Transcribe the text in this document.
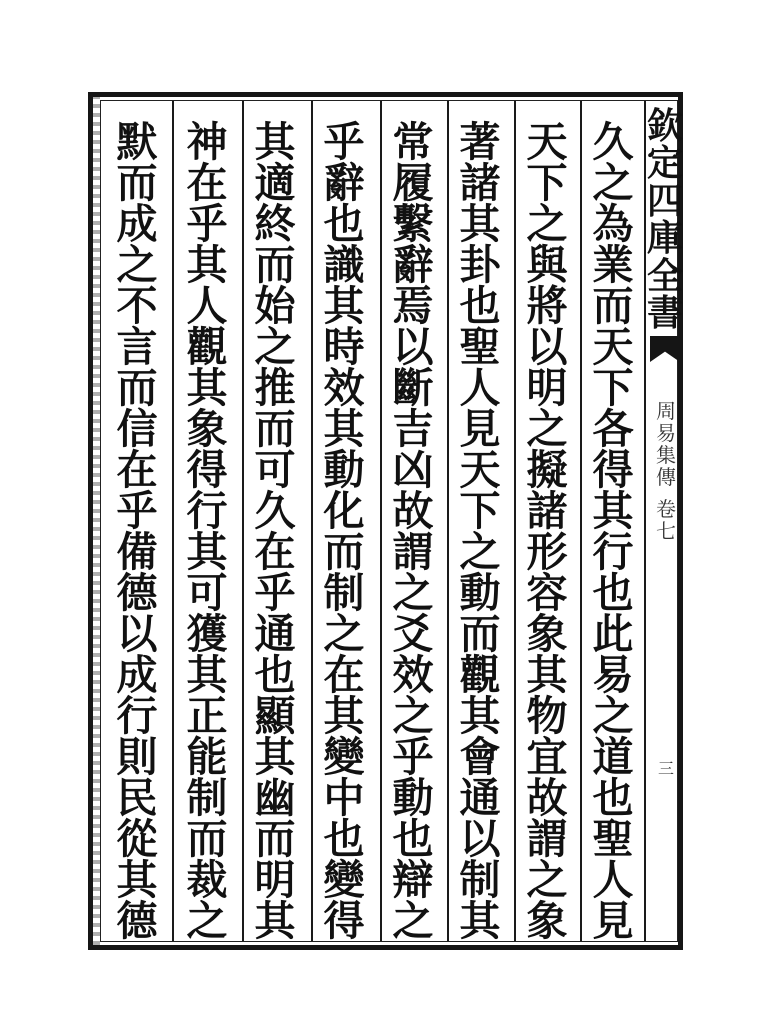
久
之
為
業
而
天
下
各
得
其
行
也
此
易
之
道
也
聖
人
見
天
下
之
與
將
以
明
之
擬
諸
形
容
象
其
物
宜
故
謂
之
象
著
諸
其
卦
也
聖
人
見
天
下
之
動
而
觀
其
會
通
以
制
其
常
履
繫
辭
焉
以
斷
吉
凶
故
謂
之
爻
效
之
乎
動
也
辯
之
乎
辭
也
識
其
時
效
其
動
化
而
制
之
在
其
變
中
也
變
得
其
適
終
而
始
之
推
而
可
久
在
乎
通
也
顯
其
幽
而
明
其
神
在
乎
其
人
觀
其
象
得
行
其
可
獲
其
正
能
制
而
裁
之
默
而
成
之
不
言
而
信
在
乎
備
德
以
成
行
則
民
從
其
德
欽
定
四
庫
全
書
周
易
集
傳
卷
七
三
